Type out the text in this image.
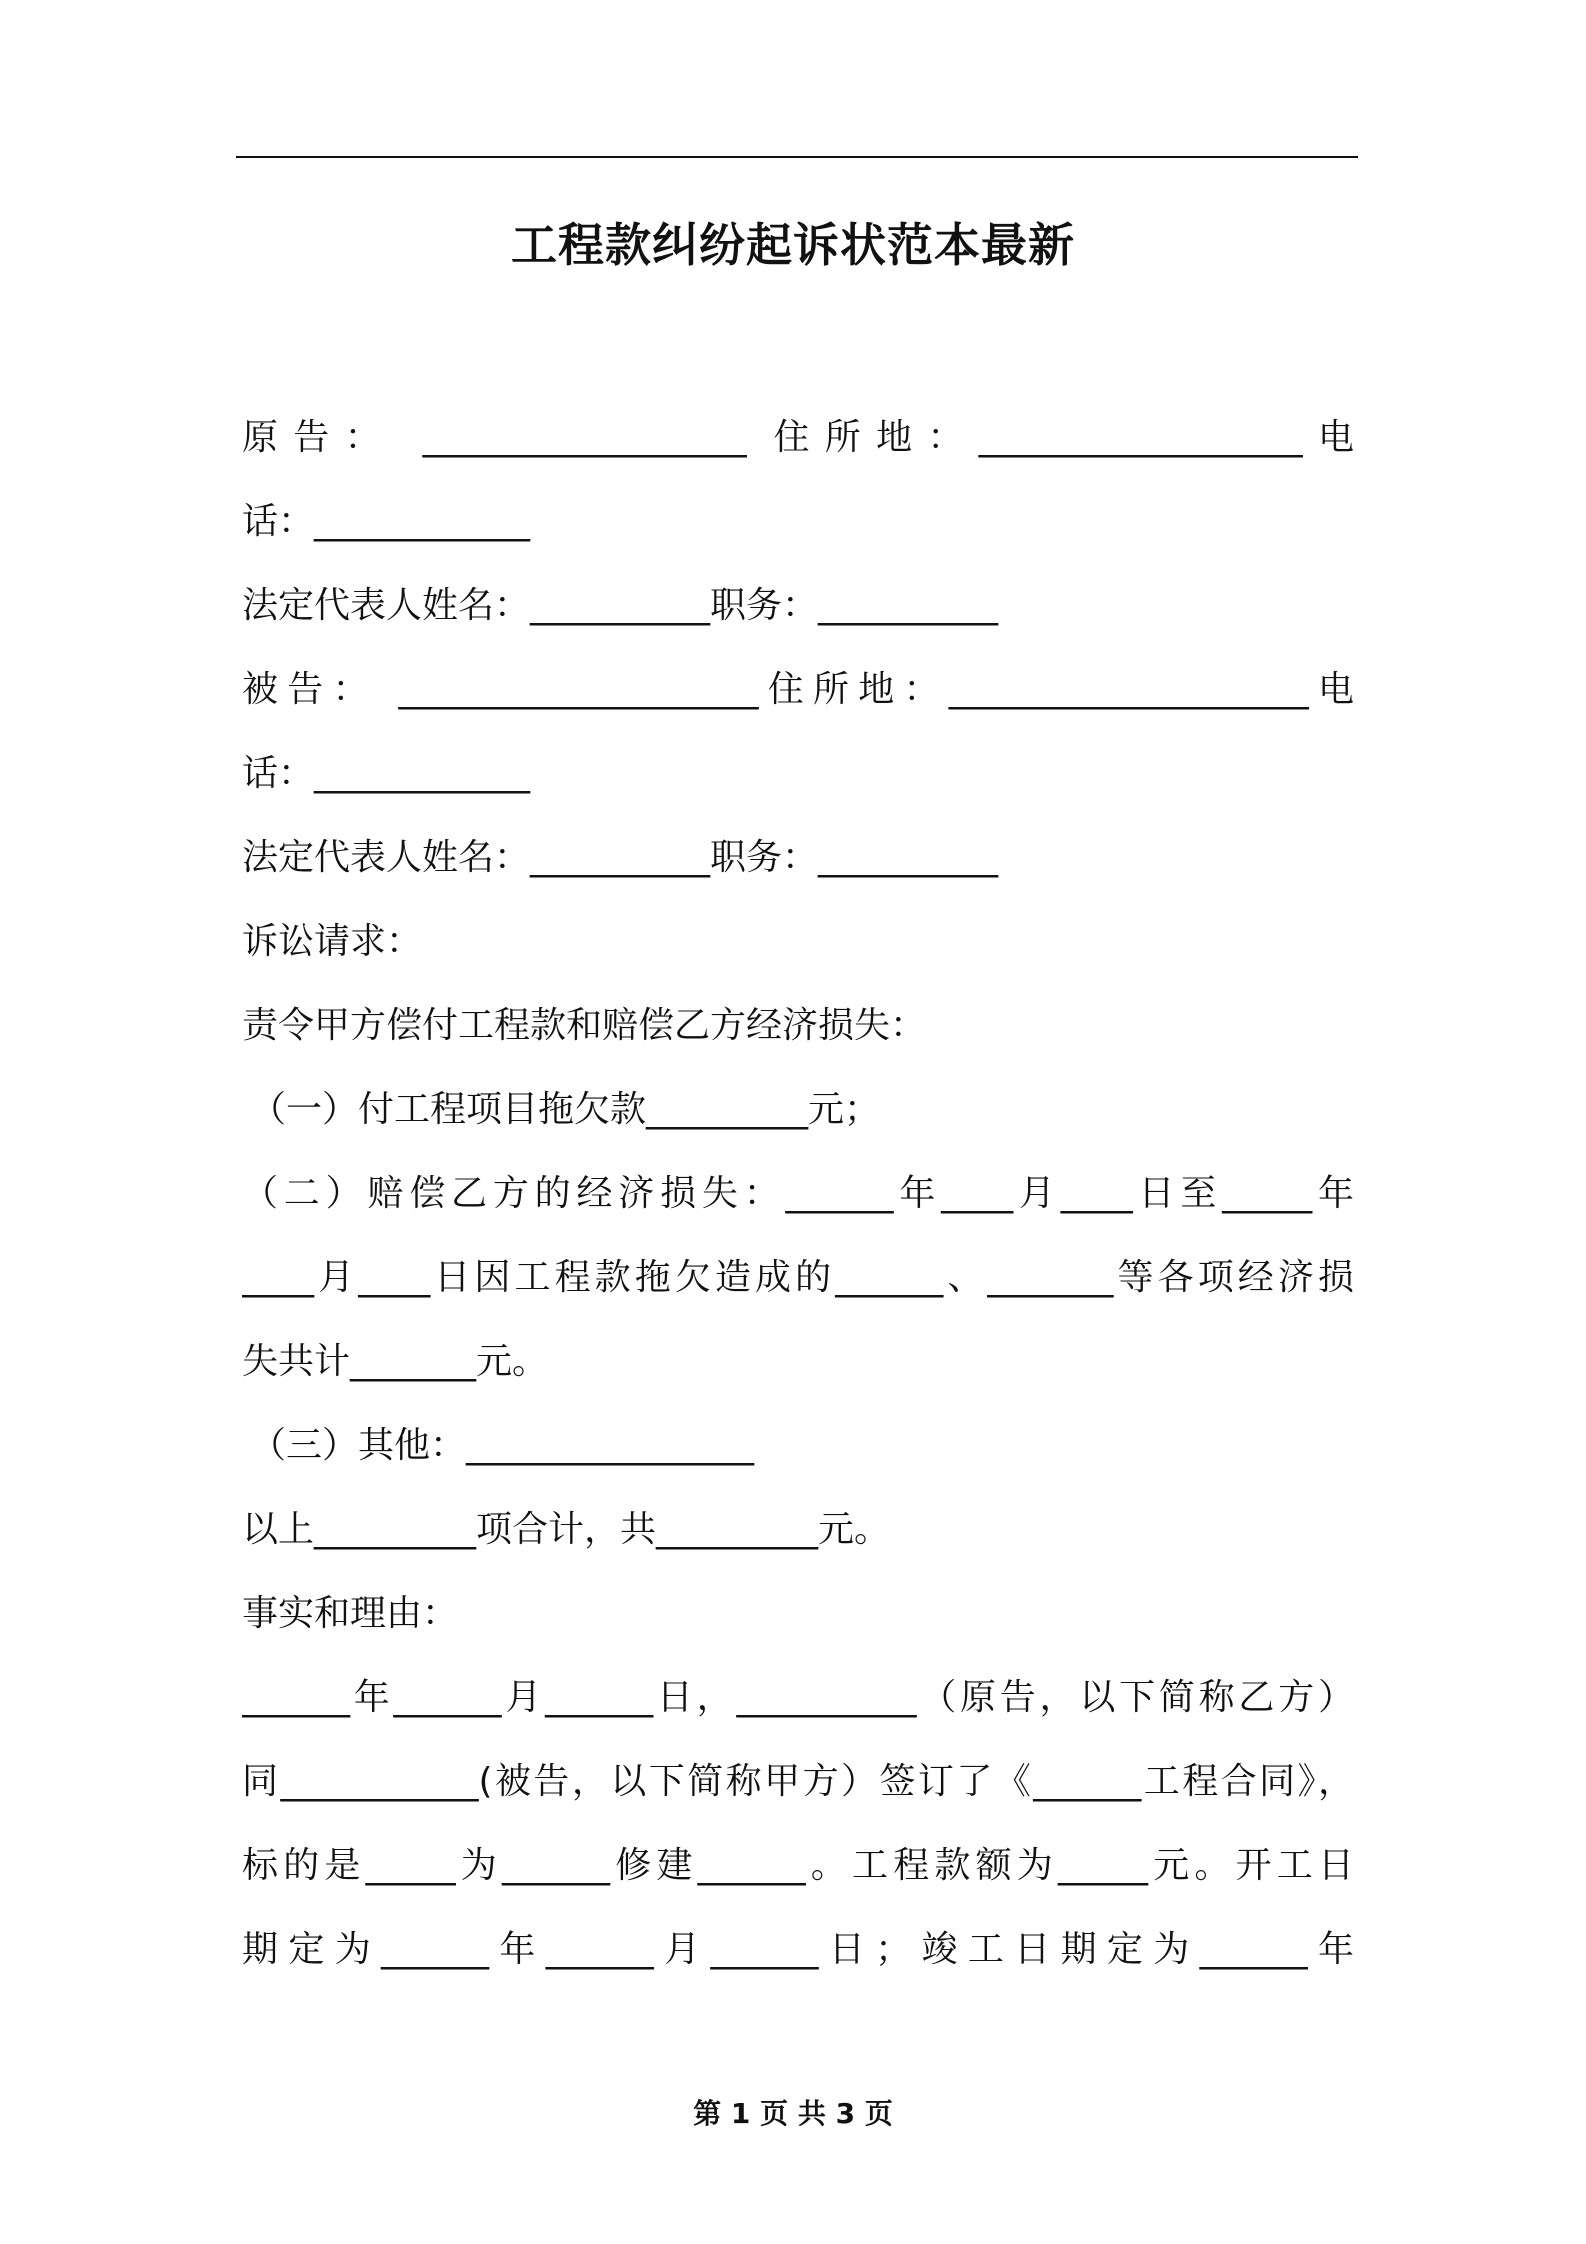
工程款纠纷起诉状范本最新
原告： __________________ 住所地：__________________电
话：____________
法定代表人姓名：__________职务：__________
被告： ____________________住所地：____________________电
话：____________
法定代表人姓名：__________职务：__________
诉讼请求：
责令甲方偿付工程款和赔偿乙方经济损失：
（一）付工程项目拖欠款_________元；
（二）赔偿乙方的经济损失：______年____月____日至_____年
____月____日因工程款拖欠造成的______、_______等各项经济损
失共计_______元。
（三）其他：________________
以上_________项合计，共_________元。
事实和理由：
______年______月______日，__________（原告，以下简称乙方）
同___________(被告，以下简称甲方）签订了《______工程合同》，
标的是_____为______修建______。工程款额为_____元。开工日
期定为______年______月______日；竣工日期定为______年
第 1 页 共 3 页
